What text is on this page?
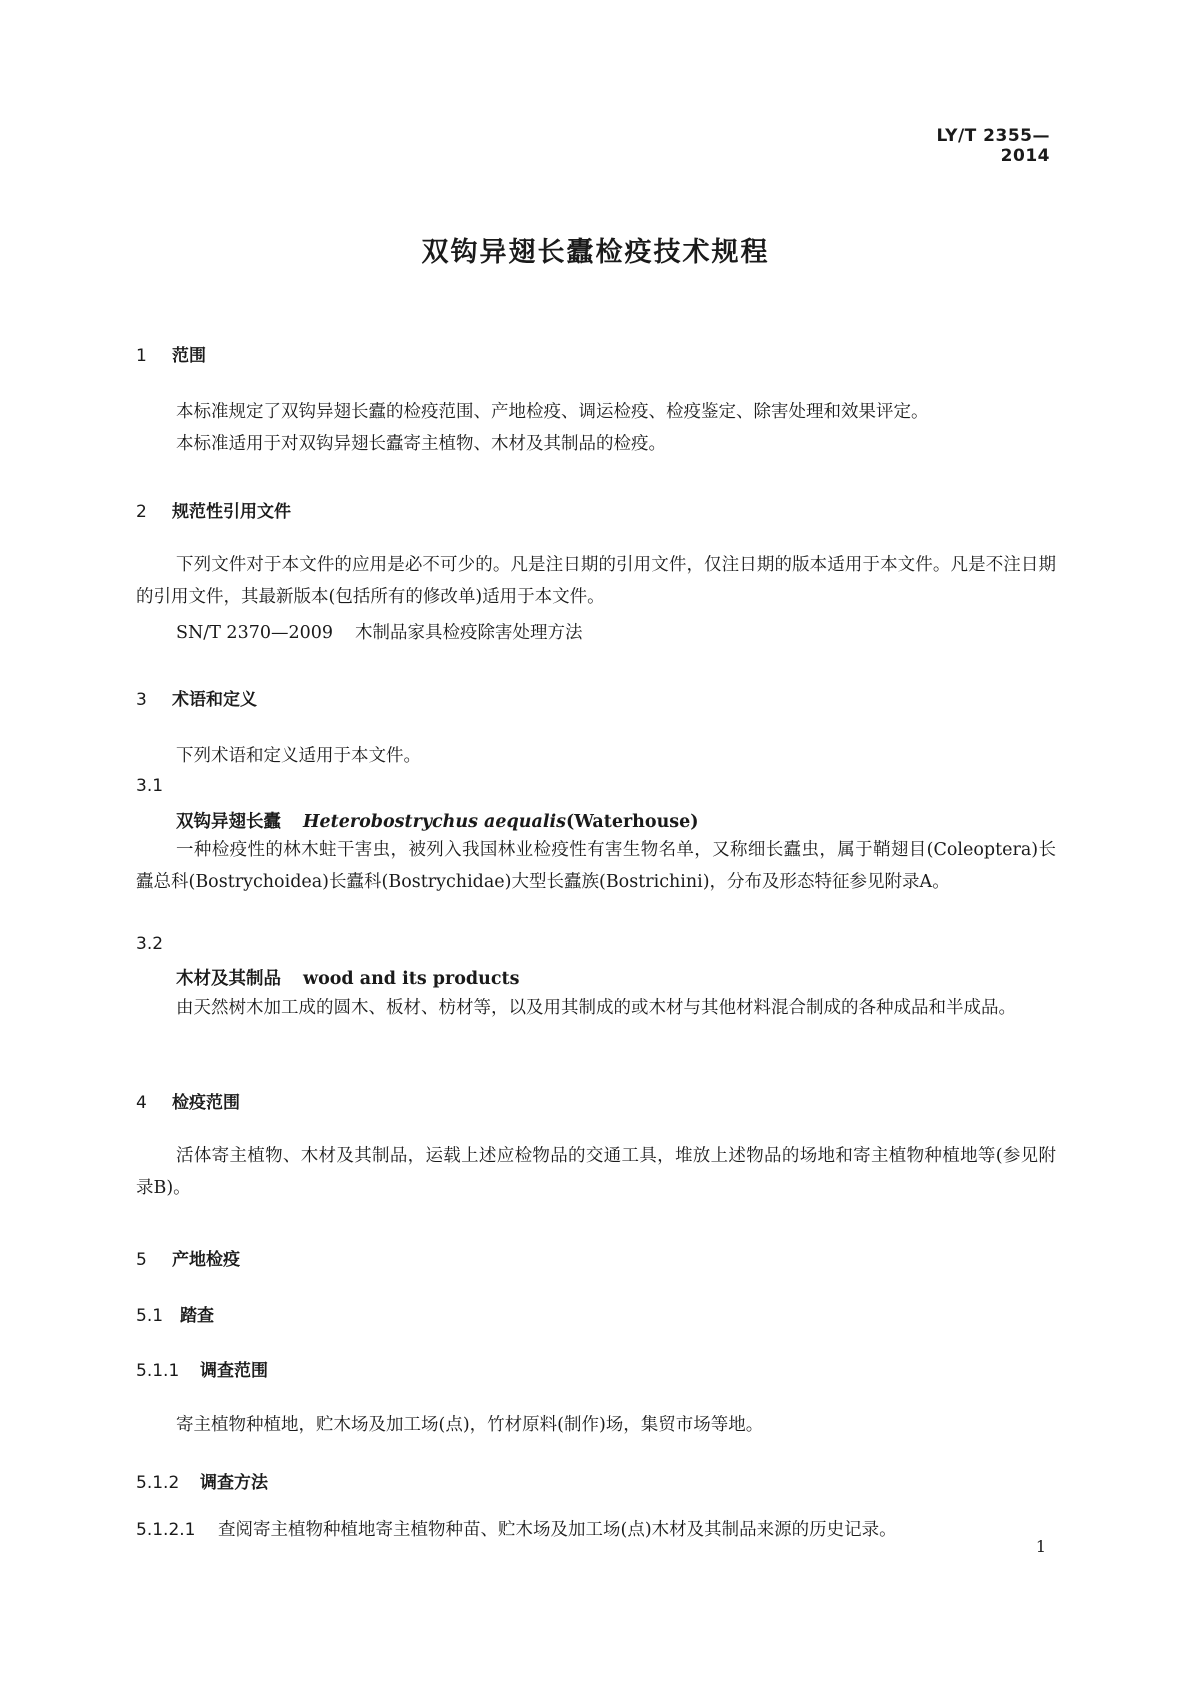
LY/T 2355—2014
双钩异翅长蠹检疫技术规程
1 范围
本标准规定了双钩异翅长蠹的检疫范围、产地检疫、调运检疫、检疫鉴定、除害处理和效果评定。
本标准适用于对双钩异翅长蠹寄主植物、木材及其制品的检疫。
2 规范性引用文件
下列文件对于本文件的应用是必不可少的。凡是注日期的引用文件，仅注日期的版本适用于本文件。凡是不注日期的引用文件，其最新版本(包括所有的修改单)适用于本文件。
SN/T 2370—2009 木制品家具检疫除害处理方法
3 术语和定义
下列术语和定义适用于本文件。
3.1
双钩异翅长蠹 Heterobostrychus aequalis(Waterhouse)
一种检疫性的林木蛀干害虫，被列入我国林业检疫性有害生物名单，又称细长蠹虫，属于鞘翅目(Coleoptera)长蠹总科(Bostrychoidea)长蠹科(Bostrychidae)大型长蠹族(Bostrichini)，分布及形态特征参见附录A。
3.2
木材及其制品 wood and its products
由天然树木加工成的圆木、板材、枋材等，以及用其制成的或木材与其他材料混合制成的各种成品和半成品。
4 检疫范围
活体寄主植物、木材及其制品，运载上述应检物品的交通工具，堆放上述物品的场地和寄主植物种植地等(参见附录B)。
5 产地检疫
5.1 踏查
5.1.1 调查范围
寄主植物种植地，贮木场及加工场(点)，竹材原料(制作)场，集贸市场等地。
5.1.2 调查方法
5.1.2.1 查阅寄主植物种植地寄主植物种苗、贮木场及加工场(点)木材及其制品来源的历史记录。
1
